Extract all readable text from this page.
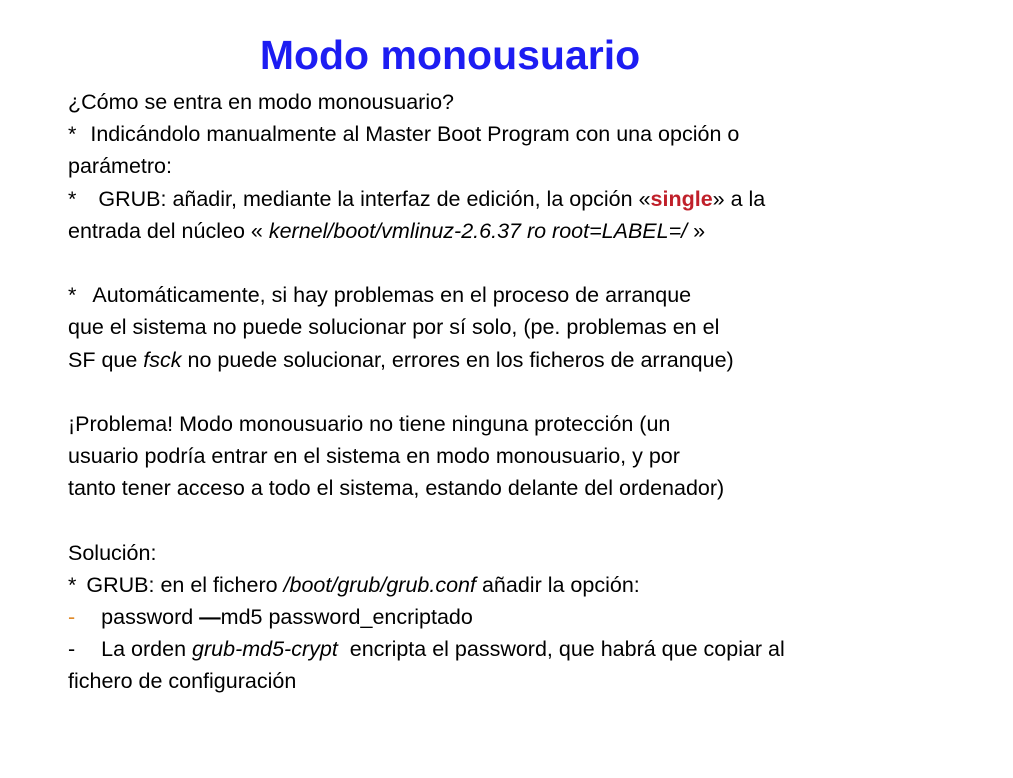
Modo monousuario
¿Cómo se entra en modo monousuario?
* Indicándolo manualmente al Master Boot Program con una opción o
parámetro:
* GRUB: añadir, mediante la interfaz de edición, la opción «single» a la
entrada del núcleo « kernel/boot/vmlinuz-2.6.37 ro root=LABEL=/ »
* Automáticamente, si hay problemas en el proceso de arranque
que el sistema no puede solucionar por sí solo, (pe. problemas en el
SF que fsck no puede solucionar, errores en los ficheros de arranque)
¡Problema! Modo monousuario no tiene ninguna protección (un
usuario podría entrar en el sistema en modo monousuario, y por
tanto tener acceso a todo el sistema, estando delante del ordenador)
Solución:
* GRUB: en el fichero /boot/grub/grub.conf añadir la opción:
- password —md5 password_encriptado
- La orden grub-md5-crypt  encripta el password, que habrá que copiar al
fichero de configuración
